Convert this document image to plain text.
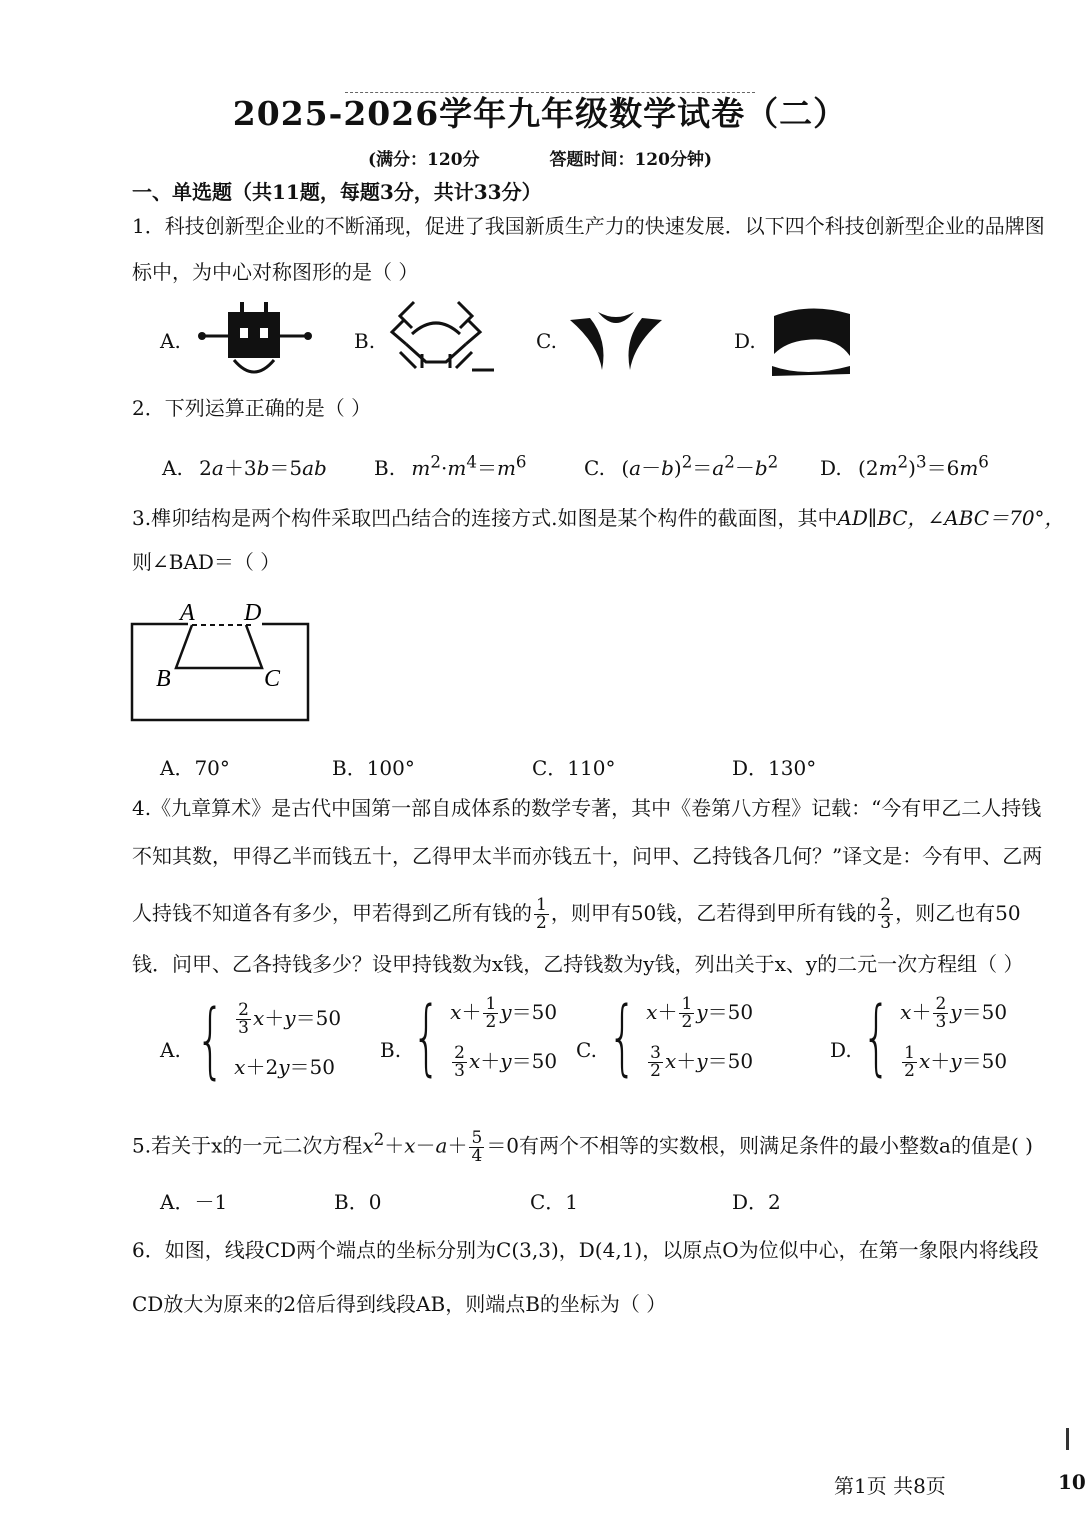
2025-2026学年九年级数学试卷（二）
(满分：120分	答题时间：120分钟)
一、单选题（共11题，每题3分，共计33分）
1．科技创新型企业的不断涌现，促进了我国新质生产力的快速发展．以下四个科技创新型企业的品牌图
标中，为中心对称图形的是（ ）
A.	B.	C.	D.
2．下列运算正确的是（ ）
A. 2a＋3b＝5ab B. $m^2\cdot m^4=m^6$	C. $(a-b)^2=a^2-b^2$ D. $(2m^2)^3=6m^6$
3.榫卯结构是两个构件采取凹凸结合的连接方式.如图是某个构件的截面图，其中AD∥BC，∠ABC＝70°，
则∠BAD＝（ ）
A D
B	C
A．70°	B．100°	C．110°	D．130°
4.《九章算术》是古代中国第一部自成体系的数学专著，其中《卷第八方程》记载：“今有甲乙二人持钱
不知其数，甲得乙半而钱五十，乙得甲太半而亦钱五十，问甲、乙持钱各几何？”译文是：今有甲、乙两
人持钱不知道各有多少，甲若得到乙所有钱的 $\frac{1}{2}$ ，则甲有50钱，乙若得到甲所有钱的 $\frac{2}{3}$ ，则乙也有50
钱．问甲、乙各持钱多少？设甲持钱数为x钱，乙持钱数为y钱，列出关于x、y的二元一次方程组（ ）
A. { $\frac{2}{3} x+y=50$
x＋2y＝50
B. { $x+ \frac{1}{2} y=50$
$\frac{2}{3} x+y=50$ C. { $x+ \frac{1}{2} y=50$
$\frac{3}{2} x+y=50$	D. { $x+ \frac{2}{3} y=50$
$\frac{1}{2} x+y=50$
5.若关于x的一元二次方程$x^2+x-a+ \frac{5}{4} =0$有两个不相等的实数根，则满足条件的最小整数a的值是( )
A．－1	B．0	C．1	D．2
6．如图，线段CD两个端点的坐标分别为C(3,3)，D(4,1)，以原点O为位似中心，在第一象限内将线段
CD放大为原来的2倍后得到线段AB，则端点B的坐标为（ ）
第1页 共8页	10
